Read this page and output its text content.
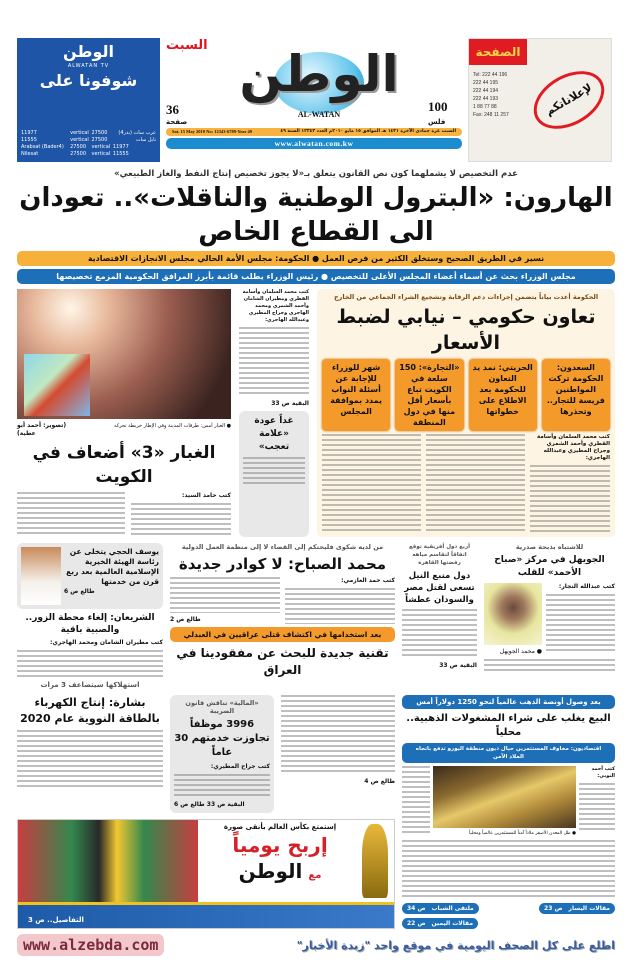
الوطن
ALWATAN TV
شوفونا على
11977	vertical	27500	عرب سات (بدر4)
11555	vertical	27500	نايل سات
Arabsat (Bader4)	27500	vertical	11977
Nilesat	27500	vertical	11555
السبت
36
صفحة
الوطن
AL-WATAN
100
فلس
Sat. 15 May 2010 No: 12343-6789-Year 49	السبت غرة جمادى الآخرة ١٤٣١ هـ الموافق ١٥ مايو ٢٠١٠م العدد ١٢٣٤٣ السنة ٤٩
www.alwatan.com.kw
الصفحة
Tel: 222 44 196
222 44 195
222 44 194
222 44 193
1 88 77 88
Fax: 248 11 257	لإعلاناتكم
عدم التخصيص لا يشملهما كون نص القانون يتعلق بـ«لا يجوز تخصيص إنتاج النفط والغاز الطبيعي»
الهارون: «البترول الوطنية والناقلات».. تعودان الى القطاع الخاص
نسير في الطريق الصحيح وستخلق الكثير من فرص العمل ● الحكومة: مجلس الأمة الحالي مجلس الانجازات الاقتصادية
مجلس الوزراء بحث عن أسماء أعضاء المجلس الأعلى للتخصيص ● رئيس الوزراء يطلب قائمة بأبرز المرافق الحكومية المزمع تخصيصها
(تصوير: أحمد أبو عطية)
● الغبار أمس: طرقات المدينة وفي الإطار خريطة تحركه
الغبار «3» أضعاف في الكويت
كتب حامد السيد:
كتب محمد السلمان وأسامة القطري ومطيران الشامان وأحمد الشمري ومحمد الهاجري وجراح المطيري وعبدالله الهاجري:
البقية ص 33
غداً عودة «علامة تعجب»
الحكومة أعدت بياناً يتضمن إجراءات دعم الرقابة وتشجيع الشراء الجماعي من الخارج
تعاون حكومي – نيابي لضبط الأسعار
شهر للوزراء للإجابة عن أسئلة النواب يمدد بموافقة المجلس
«التجارة»: 150 سلعة في الكويت تباع بأسعار أقل منها في دول المنطقة
الحريتي: نمد يد التعاون للحكومة بعد الاطلاع على خطواتها
السعدون: الحكومة تركت المواطنين فريسة للتجار.. وتحذرها
كتب محمد السلمان وأسامة القطري وأحمد الشمري وجراح المطيري وعبدالله الهاجري:
يوسف الحجي يتخلى عن رئاسة الهيئة الخيرية الإسلامية العالمية بعد ربع قرن من خدمتها
طالع ص 6
الشريعان: إلغاء محطة الزور.. والصبية باقية
كتب مطيران الشامان ومحمد الهاجري:
استهلاكها سيتضاعف 3 مرات
من لديه شكوى فليحتكم إلى القضاء لا إلى منظمة العمل الدولية
محمد الصباح: لا كوادر جديدة
طالع ص 2
كتب حمد العازمي:
بعد استخدامها في اكتشاف قتلى عراقيين في العبدلي
تقنية جديدة للبحث عن مفقودينا في العراق
أربع دول أفريقية توقع اتفاقاً لتقاسم مياهه رفضتها القاهرة
دول منبع النيل تسعى لقتل مصر والسودان عطشاً
البقية ص 33
للاشتباه بذبحة صدرية
الجويهل في مركز «صباح الأحمد» للقلب
● محمد الجويهل
كتب عبدالله النجار:
بشارة: إنتاج الكهرباء بالطاقة النووية عام 2020
«المالية» تناقش قانون الضريبة
3996 موظفاً تجاوزت خدمتهم 30 عاماً
كتب جراح المطيري:
البقية ص 33 طالع ص 6
طالع ص 4
إستمتع بكأس العالم بأنقى صورة
إربح يومياً
الوطن مع
التفاصيل.. ص 3
بعد وصول أونصة الذهب عالمياً لنحو 1250 دولاراً أمس
البيع يغلب على شراء المشغولات الذهبية.. محلياً
اقتصاديون: مخاوف المستثمرين حيال ديون منطقة اليورو تدفع باتجاه الملاذ الآمن
● ظل المعدن الأصفر ملاذاً آمناً للمستثمرين عالمياً ومحلياً
كتب أحمد النوبي:
ملتقى الشباب
ص 34	مقالات اليسار
ص 23
مقالات اليمين
ص 22
www.alzebda.com	اطلع على كل الصحف اليومية في موقع واحد "زبدة الأخبار"
